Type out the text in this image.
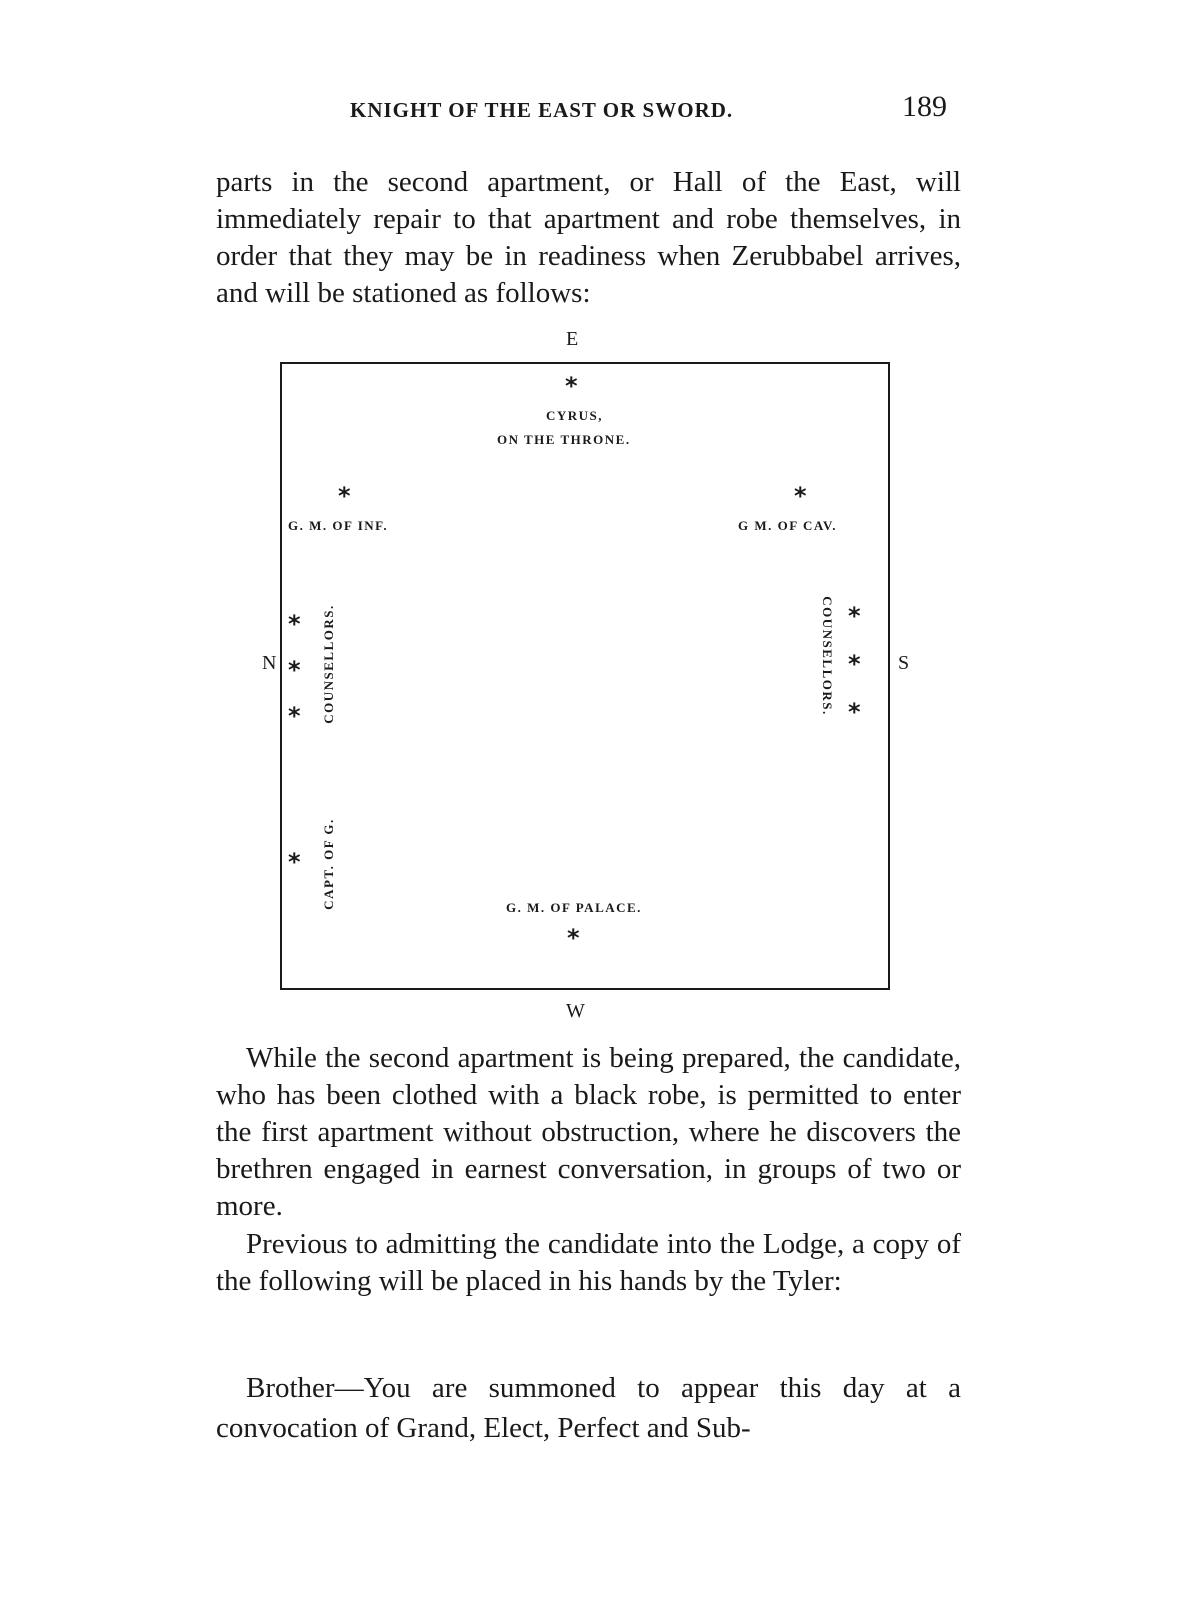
KNIGHT OF THE EAST OR SWORD.	189

parts in the second apartment, or Hall of the East, will immediately repair to that apartment and robe themselves, in order that they may be in readiness when Zerubbabel arrives, and will be stationed as follows:

E
W
N	S
*
CYRUS,
ON THE THRONE.
*
G. M. OF INF.
*
G M. OF CAV.
*
*
* COUNSELLORS.	*
*
*
COUNSELLORS.
* CAPT. OF G.	G. M. OF PALACE.
*

While the second apartment is being prepared, the candidate, who has been clothed with a black robe, is permitted to enter the first apartment without obstruction, where he discovers the brethren engaged in earnest conversation, in groups of two or more.

Previous to admitting the candidate into the Lodge, a copy of the following will be placed in his hands by the Tyler:

Brother—You are summoned to appear this day at a convocation of Grand, Elect, Perfect and Sub-
